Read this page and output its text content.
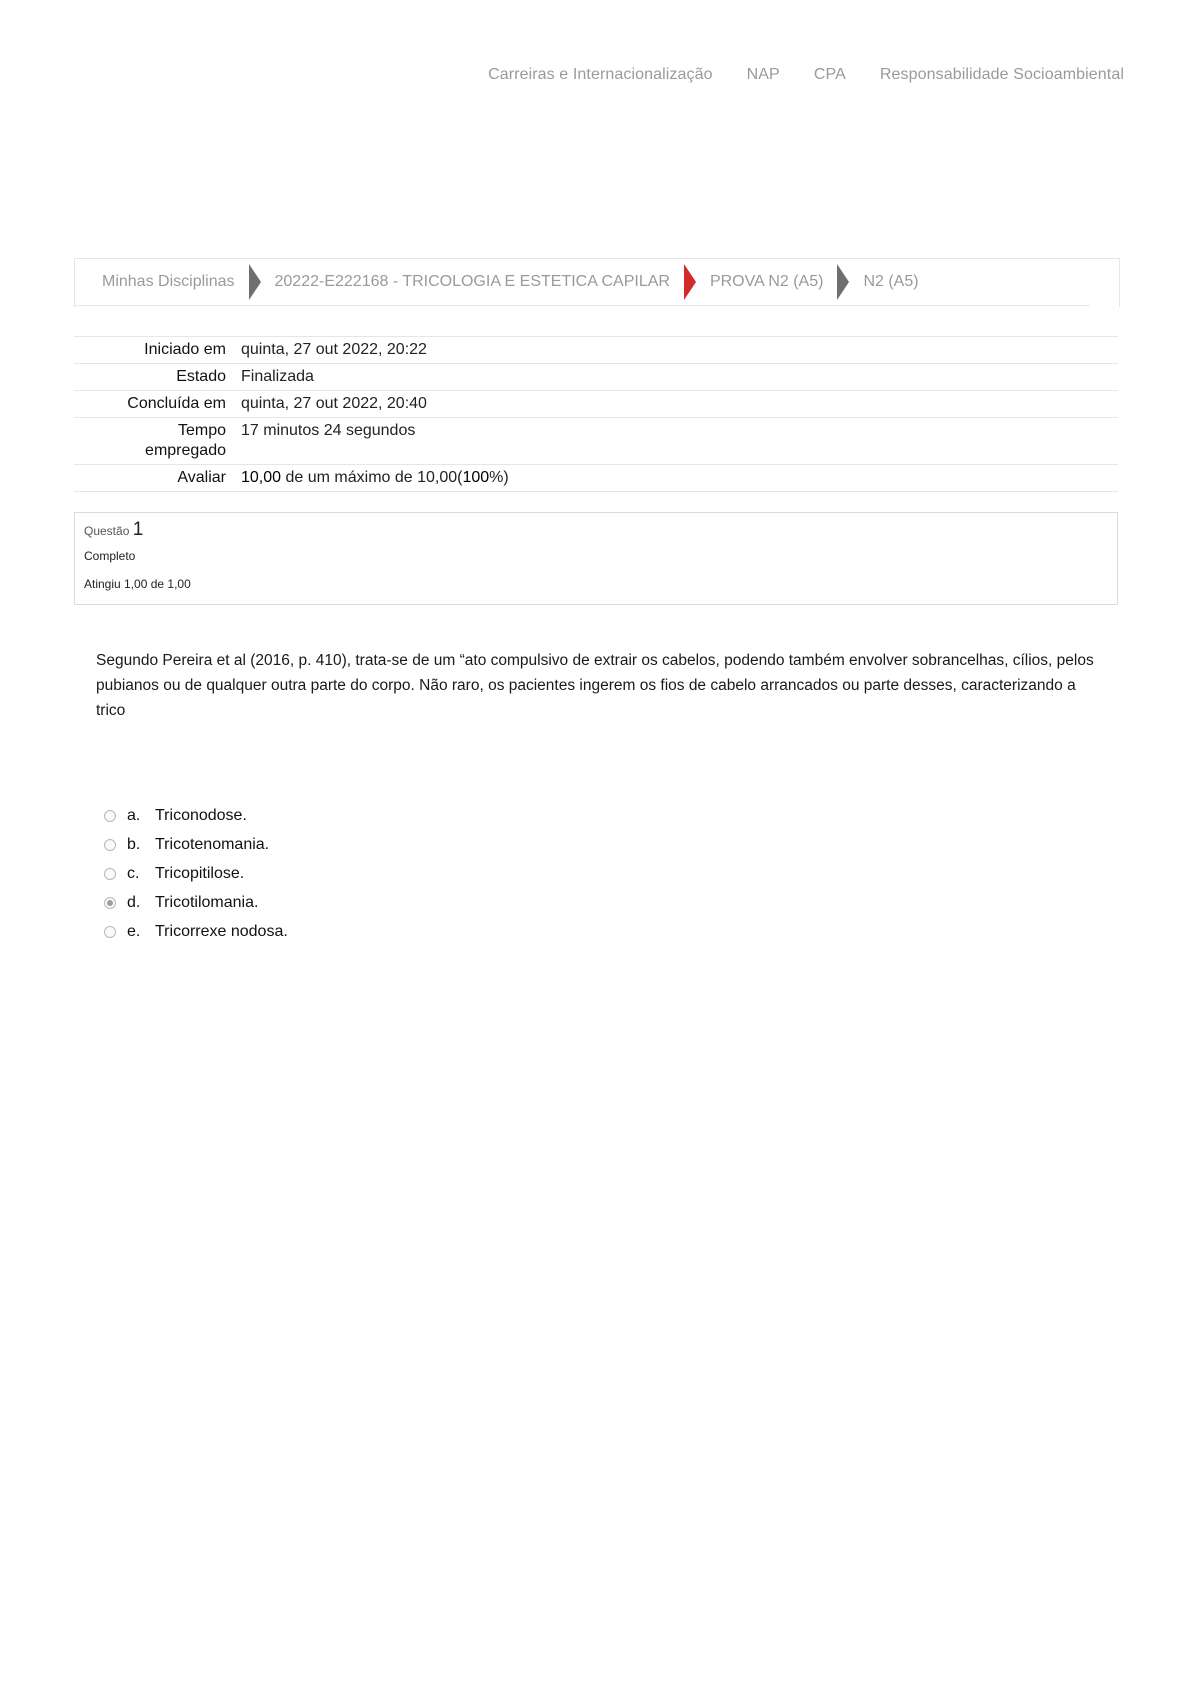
Carreiras e Internacionalização NAP CPA Responsabilidade Socioambiental
Minhas Disciplinas	20222-E222168 - TRICOLOGIA E ESTETICA CAPILAR	PROVA N2 (A5)	N2 (A5)
Iniciado em	quinta, 27 out 2022, 20:22
Estado	Finalizada
Concluída em	quinta, 27 out 2022, 20:40
Tempo
empregado	17 minutos 24 segundos
Avaliar	10,00 de um máximo de 10,00(100%)
Questão 1
Completo
Atingiu 1,00 de 1,00
Segundo Pereira et al (2016, p. 410), trata-se de um “ato compulsivo de extrair os cabelos, podendo também envolver sobrancelhas, cílios, pelos pubianos ou de qualquer outra parte do corpo. Não raro, os pacientes ingerem os fios de cabelo arrancados ou parte desses, caracterizando a trico
a. Triconodose.
b. Tricotenomania.
c. Tricopitilose.
d. Tricotilomania.
e. Tricorrexe nodosa.
